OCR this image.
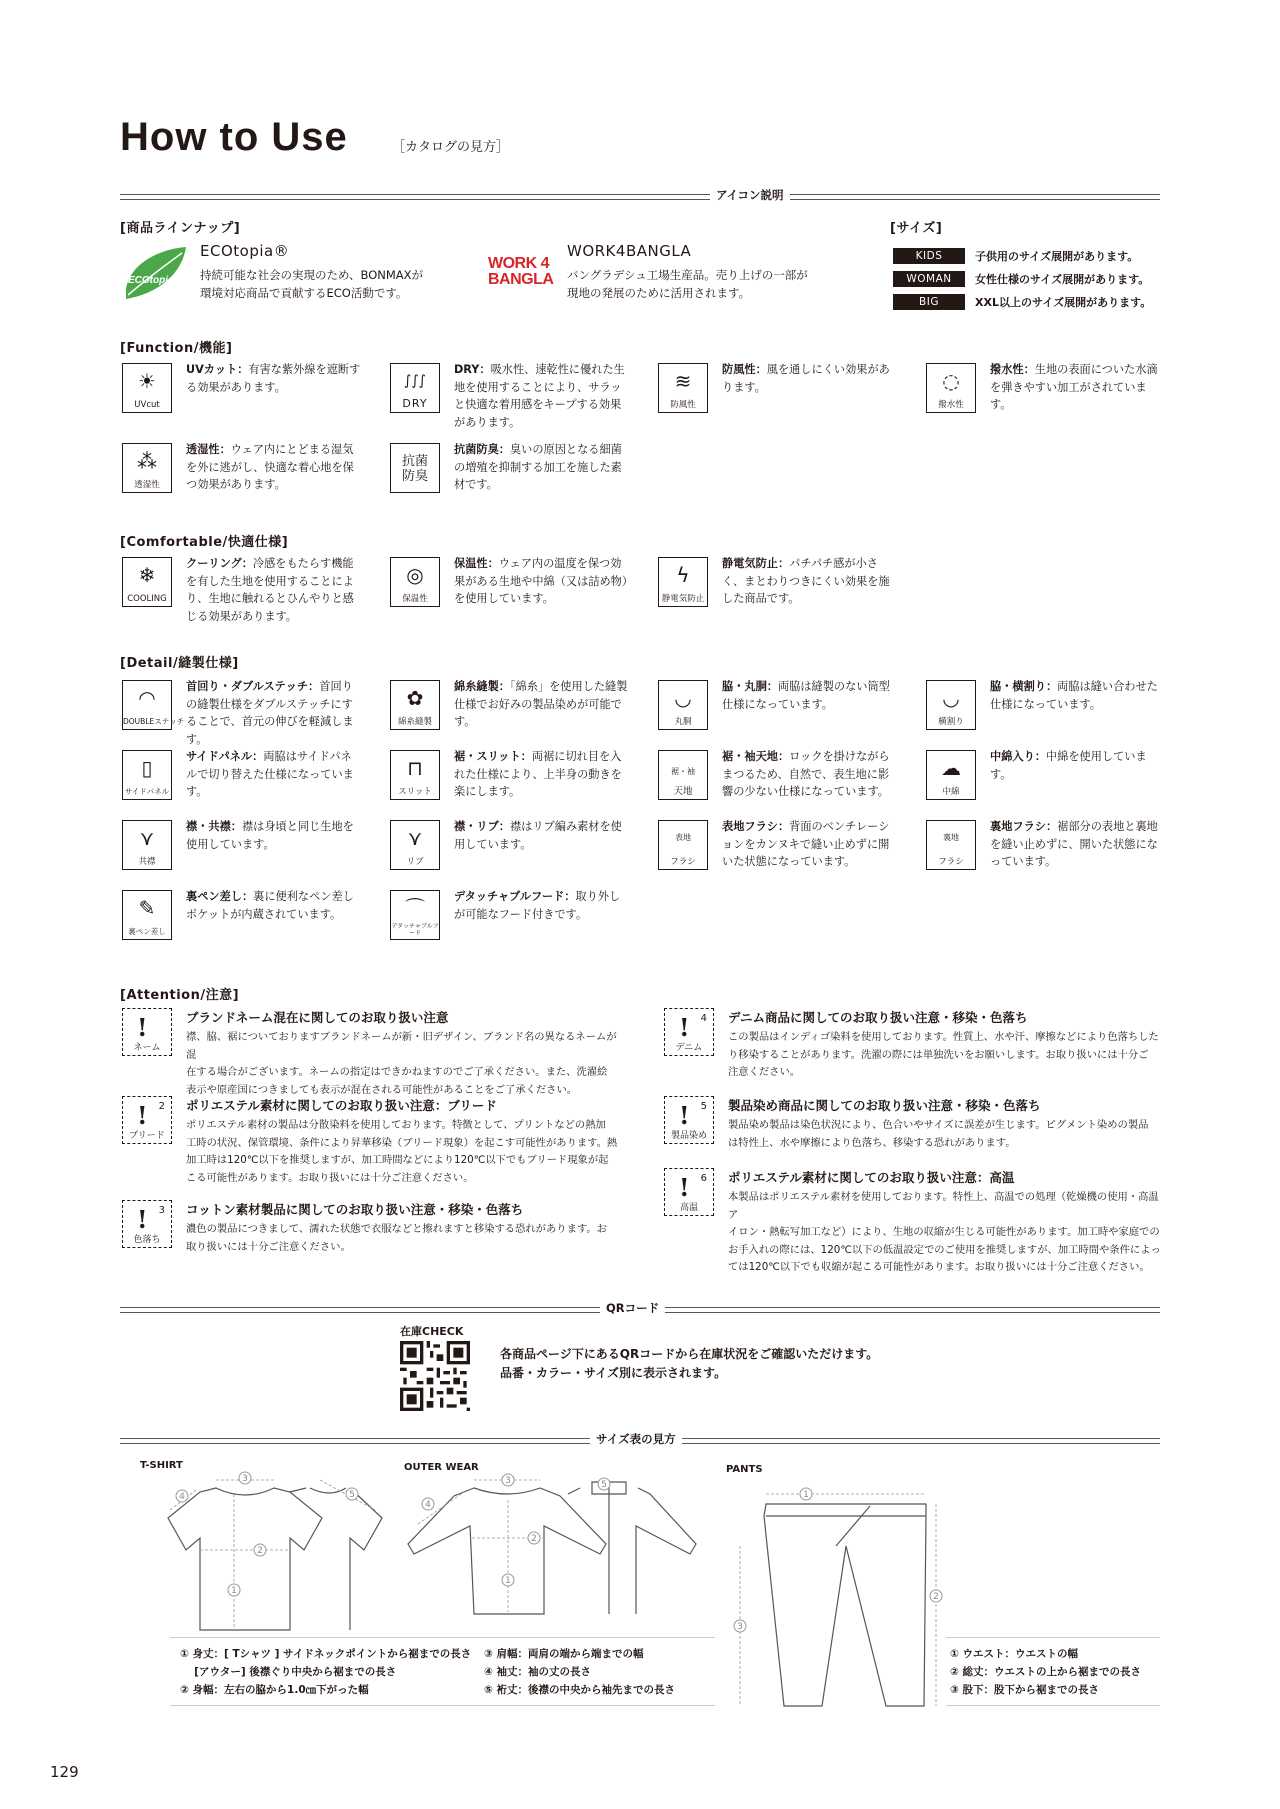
How to Use	［カタログの見方］
アイコン説明
[商品ラインナップ]
ECOtopia
ECOtopia®
持続可能な社会の実現のため、BONMAXが
環境対応商品で貢献するECO活動です。
WORK 4
BANGLA
WORK4BANGLA
バングラデシュ工場生産品。売り上げの一部が
現地の発展のために活用されます。
[サイズ]
KIDS	子供用のサイズ展開があります。
WOMAN	女性仕様のサイズ展開があります。
BIG	XXL以上のサイズ展開があります。
[Function/機能]
☀
UVcut
UVカット：有害な紫外線を遮断する効果があります。	∫∫∫
DRY
DRY：吸水性、速乾性に優れた生地を使用することにより、サラッと快適な着用感をキープする効果があります。
≋
防風性
防風性：風を通しにくい効果があります。	◌
撥水性
撥水性：生地の表面についた水滴を弾きやすい加工がされています。
⁂
透湿性
透湿性：ウェア内にとどまる湿気を外に逃がし、快適な着心地を保つ効果があります。
抗菌
防臭
抗菌防臭：臭いの原因となる細菌の増殖を抑制する加工を施した素材です。
[Comfortable/快適仕様]
❄
COOLING
クーリング：冷感をもたらす機能を有した生地を使用することにより、生地に触れるとひんやりと感じる効果があります。
◎
保温性
保温性：ウェア内の温度を保つ効果がある生地や中綿（又は詰め物）を使用しています。
ϟ
静電気防止
静電気防止：パチパチ感が小さく、まとわりつきにくい効果を施した商品です。
[Detail/縫製仕様]
◠
DOUBLEステッチ
首回り・ダブルステッチ：首回りの縫製仕様をダブルステッチにすることで、首元の伸びを軽減します。
✿
綿糸縫製
綿糸縫製：「綿糸」を使用した縫製仕様でお好みの製品染めが可能です。
◡
丸胴
脇・丸胴：両脇は縫製のない筒型仕様になっています。	◡
横割り
脇・横割り：両脇は縫い合わせた仕様になっています。
▯
サイドパネル
サイドパネル：両脇はサイドパネルで切り替えた仕様になっています。
⊓
スリット
裾・スリット：両裾に切れ目を入れた仕様により、上半身の動きを楽にします。
裾・袖
天地
裾・袖天地：ロックを掛けながらまつるため、自然で、表生地に影響の少ない仕様になっています。
☁
中綿
中綿入り：中綿を使用しています。
⋎
共襟
襟・共襟：襟は身頃と同じ生地を使用しています。	⋎
リブ
襟・リブ：襟はリブ編み素材を使用しています。	表地
フラシ
表地フラシ：背面のベンチレーションをカンヌキで縫い止めずに開いた状態になっています。
裏地
フラシ
裏地フラシ：裾部分の表地と裏地を縫い止めずに、開いた状態になっています。
✎
裏ペン差し
裏ペン差し：裏に便利なペン差しポケットが内蔵されています。	⌒
デタッチャブルフード
デタッチャブルフード：取り外しが可能なフード付きです。
[Attention/注意]
!
ネーム
ブランドネーム混在に関してのお取り扱い注意
襟、脇、裾についておりますブランドネームが新・旧デザイン、ブランド名の異なるネームが混
在する場合がございます。ネームの指定はできかねますのでご了承ください。また、洗濯絵
表示や原産国につきましても表示が混在される可能性があることをご了承ください。
! 2
ブリード
ポリエステル素材に関してのお取り扱い注意：ブリード
ポリエステル素材の製品は分散染料を使用しております。特徴として、プリントなどの熱加
工時の状況、保管環境、条件により昇華移染（ブリード現象）を起こす可能性があります。熱
加工時は120℃以下を推奨しますが、加工時間などにより120℃以下でもブリード現象が起
こる可能性があります。お取り扱いには十分ご注意ください。
! 3
色落ち
コットン素材製品に関してのお取り扱い注意・移染・色落ち
濃色の製品につきまして、濡れた状態で衣服などと擦れますと移染する恐れがあります。お
取り扱いには十分ご注意ください。
! 4
デニム
デニム商品に関してのお取り扱い注意・移染・色落ち
この製品はインディゴ染料を使用しております。性質上、水や汗、摩擦などにより色落ちした
り移染することがあります。洗濯の際には単独洗いをお願いします。お取り扱いには十分ご
注意ください。
! 5
製品染め
製品染め商品に関してのお取り扱い注意・移染・色落ち
製品染め製品は染色状況により、色合いやサイズに誤差が生じます。ピグメント染めの製品
は特性上、水や摩擦により色落ち、移染する恐れがあります。
! 6
高温
ポリエステル素材に関してのお取り扱い注意：高温
本製品はポリエステル素材を使用しております。特性上、高温での処理（乾燥機の使用・高温ア
イロン・熱転写加工など）により、生地の収縮が生じる可能性があります。加工時や家庭での
お手入れの際には、120℃以下の低温設定でのご使用を推奨しますが、加工時間や条件によっ
ては120℃以下でも収縮が起こる可能性があります。お取り扱いには十分ご注意ください。
QRコード
在庫CHECK
各商品ページ下にあるQRコードから在庫状況をご確認いただけます。
品番・カラー・サイズ別に表示されます。
サイズ表の見方
T-SHIRT
3
4	5
2
1
OUTER WEAR
3
4
2
1
5
PANTS
1
2
3
① 身丈：[ Tシャツ ] サイドネックポイントから裾までの長さ
　 [アウター] 後襟ぐり中央から裾までの長さ
② 身幅：左右の脇から1.0㎝下がった幅
③ 肩幅：両肩の端から端までの幅
④ 袖丈：袖の丈の長さ
⑤ 裄丈：後襟の中央から袖先までの長さ
① ウエスト：ウエストの幅
② 総丈：ウエストの上から裾までの長さ
③ 股下：股下から裾までの長さ
129
